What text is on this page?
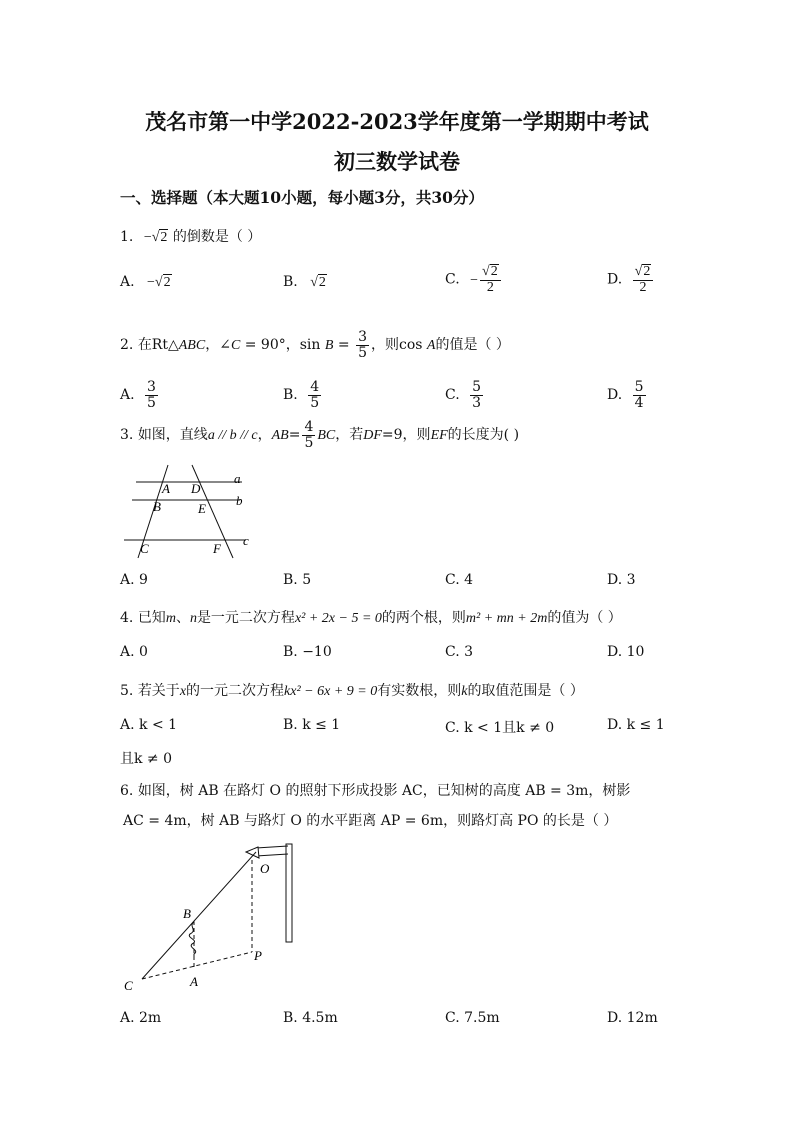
茂名市第一中学2022-2023学年度第一学期期中考试
初三数学试卷
一、选择题（本大题10小题，每小题3分，共30分）
1. −√2 的倒数是（ ）
A. −√2	B. √2	C. − $\frac{√2}{2}$	D. $\frac{√2}{2}$
2. 在Rt△ABC，∠C = 90°，$\sin B = \frac{3}{5}$ ，则cos A的值是（ ）
A. $\frac{3}{5}$	B. $\frac{4}{5}$	C. $\frac{5}{3}$	D. $\frac{5}{4}$
3. 如图，直线a // b // c，$AB= \frac{4}{5}$ BC，若DF=9，则EF的长度为( )
a
b
c
A D
B	E
C	F
A. 9	B. 5	C. 4	D. 3
4. 已知m、n是一元二次方程x² + 2x − 5 = 0的两个根，则m² + mn + 2m的值为（ ）
A. 0	B. −10	C. 3	D. 10
5. 若关于x的一元二次方程kx² − 6x + 9 = 0有实数根，则k的取值范围是（ ）
A. k < 1	B. k ≤ 1	C. k < 1且k ≠ 0	D. k ≤ 1
且k ≠ 0
6. 如图，树 AB 在路灯 O 的照射下形成投影 AC，已知树的高度 AB = 3m，树影
AC = 4m，树 AB 与路灯 O 的水平距离 AP = 6m，则路灯高 PO 的长是（ ）
O
B
P
C	A
A. 2m	B. 4.5m	C. 7.5m	D. 12m
